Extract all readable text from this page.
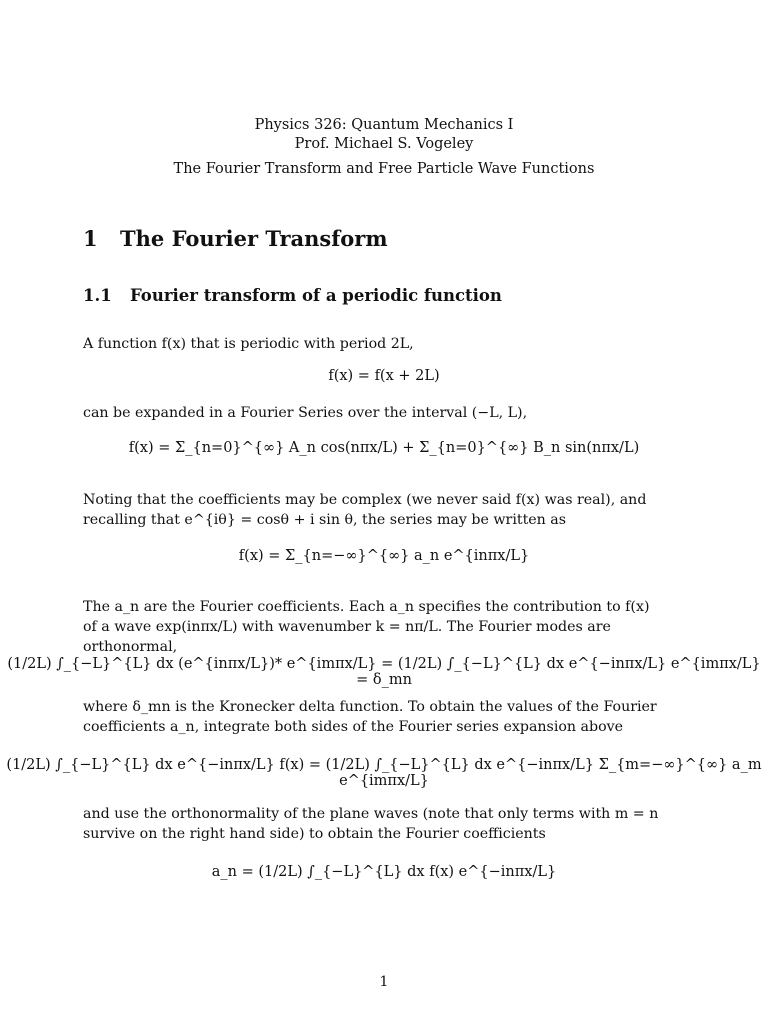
Physics 326: Quantum Mechanics I
Prof. Michael S. Vogeley
The Fourier Transform and Free Particle Wave Functions
1 The Fourier Transform
1.1 Fourier transform of a periodic function
A function f(x) that is periodic with period 2L,
f(x) = f(x + 2L)
can be expanded in a Fourier Series over the interval (−L, L),
f(x) = Σ_{n=0}^{∞} A_n cos(nπx/L) + Σ_{n=0}^{∞} B_n sin(nπx/L)
Noting that the coefficients may be complex (we never said f(x) was real), and recalling that e^{iθ} = cosθ + i sin θ, the series may be written as
f(x) = Σ_{n=−∞}^{∞} a_n e^{inπx/L}
The a_n are the Fourier coefficients. Each a_n specifies the contribution to f(x) of a wave exp(inπx/L) with wavenumber k = nπ/L. The Fourier modes are orthonormal,
(1/2L) ∫_{−L}^{L} dx (e^{inπx/L})* e^{imπx/L} = (1/2L) ∫_{−L}^{L} dx e^{−inπx/L} e^{imπx/L} = δ_mn
where δ_mn is the Kronecker delta function. To obtain the values of the Fourier coefficients a_n, integrate both sides of the Fourier series expansion above
(1/2L) ∫_{−L}^{L} dx e^{−inπx/L} f(x) = (1/2L) ∫_{−L}^{L} dx e^{−inπx/L} Σ_{m=−∞}^{∞} a_m e^{imπx/L}
and use the orthonormality of the plane waves (note that only terms with m = n survive on the right hand side) to obtain the Fourier coefficients
a_n = (1/2L) ∫_{−L}^{L} dx f(x) e^{−inπx/L}
1
